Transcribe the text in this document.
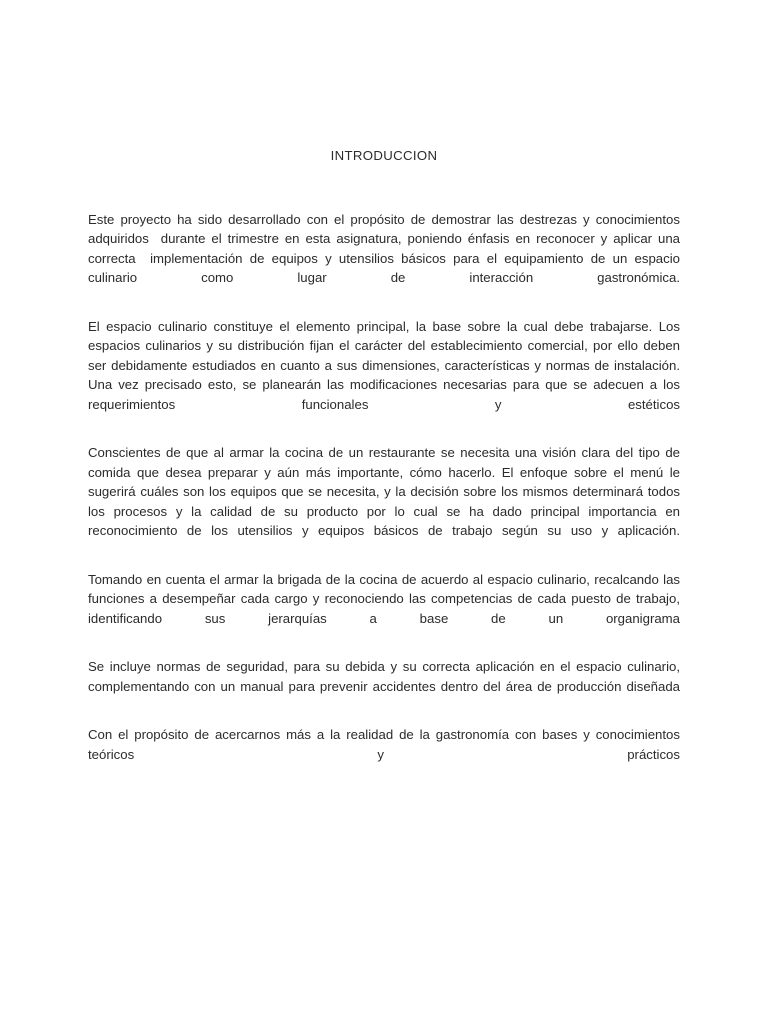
INTRODUCCION

Este proyecto ha sido desarrollado con el propósito de demostrar las destrezas y conocimientos adquiridos  durante el trimestre en esta asignatura, poniendo énfasis en reconocer y aplicar una correcta  implementación de equipos y utensilios básicos para el equipamiento de un espacio culinario como lugar de interacción gastronómica.

El espacio culinario constituye el elemento principal, la base sobre la cual debe trabajarse. Los espacios culinarios y su distribución fijan el carácter del establecimiento comercial, por ello deben ser debidamente estudiados en cuanto a sus dimensiones, características y normas de instalación. Una vez precisado esto, se planearán las modificaciones necesarias para que se adecuen a los requerimientos funcionales y estéticos

Conscientes de que al armar la cocina de un restaurante se necesita una visión clara del tipo de comida que desea preparar y aún más importante, cómo hacerlo. El enfoque sobre el menú le sugerirá cuáles son los equipos que se necesita, y la decisión sobre los mismos determinará todos los procesos y la calidad de su producto por lo cual se ha dado principal importancia en reconocimiento de los utensilios y equipos básicos de trabajo según su uso y aplicación.

Tomando en cuenta el armar la brigada de la cocina de acuerdo al espacio culinario, recalcando las funciones a desempeñar cada cargo y reconociendo las competencias de cada puesto de trabajo, identificando sus jerarquías a base de un organigrama

Se incluye normas de seguridad, para su debida y su correcta aplicación en el espacio culinario, complementando con un manual para prevenir accidentes dentro del área de producción diseñada

Con el propósito de acercarnos más a la realidad de la gastronomía con bases y conocimientos teóricos y prácticos
